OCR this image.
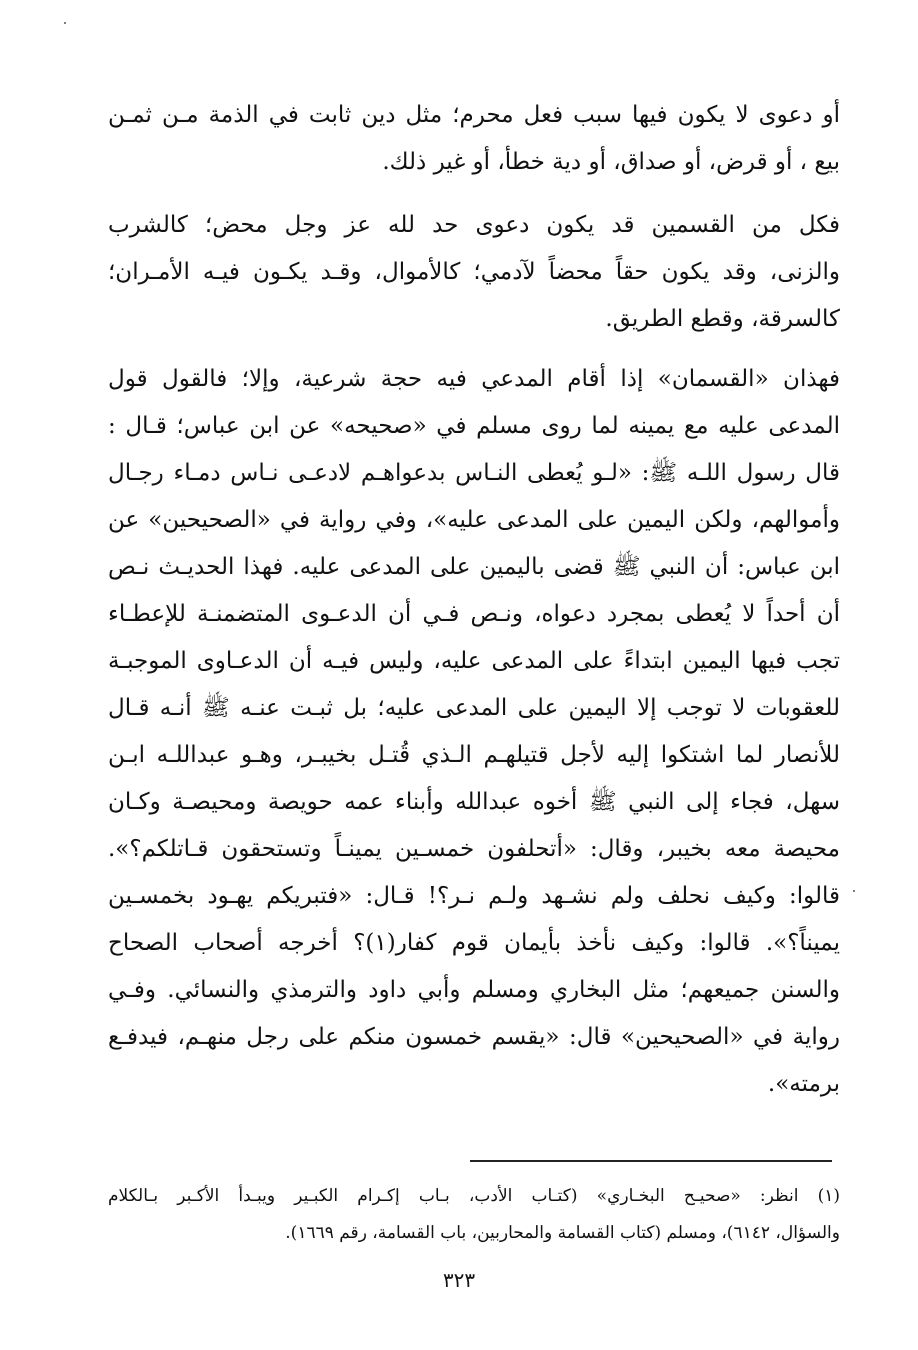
أو دعوى لا يكون فيها سبب فعل محرم؛ مثل دين ثابت في الذمة مـن ثمـن
بيع ، أو قرض، أو صداق، أو دية خطأ، أو غير ذلك.
فكل من القسمين قد يكون دعوى حد لله عز وجل محض؛ كالشرب
والزنى، وقد يكون حقاً محضاً لآدمي؛ كالأموال، وقـد يكـون فيـه الأمـران؛
كالسرقة، وقطع الطريق.
فهذان «القسمان» إذا أقام المدعي فيه حجة شرعية، وإلا؛ فالقول قول
المدعى عليه مع يمينه لما روى مسلم في «صحيحه» عن ابن عباس؛ قـال :
قال رسول اللـه ﷺ: «لـو يُعطى النـاس بدعواهـم لادعـى نـاس دمـاء رجـال
وأموالهم، ولكن اليمين على المدعى عليه»، وفي رواية في «الصحيحين» عن
ابن عباس: أن النبي ﷺ قضى باليمين على المدعى عليه. فهذا الحديـث نـص
أن أحداً لا يُعطى بمجرد دعواه، ونـص فـي أن الدعـوى المتضمنـة للإعطـاء
تجب فيها اليمين ابتداءً على المدعى عليه، وليس فيـه أن الدعـاوى الموجبـة
للعقوبات لا توجب إلا اليمين على المدعى عليه؛ بل ثبـت عنـه ﷺ أنـه قـال
للأنصار لما اشتكوا إليه لأجل قتيلهـم الـذي قُتـل بخيبـر، وهـو عبداللـه ابـن
سهل، فجاء إلى النبي ﷺ أخوه عبدالله وأبناء عمه حويصة ومحيصـة وكـان
محيصة معه بخيبر، وقال: «أتحلفون خمسـين يمينـاً وتستحقون قـاتلكم؟».
قالوا: وكيف نحلف ولم نشـهد ولـم نـر؟! قـال: «فتبريكم يهـود بخمسـين
يميناً؟». قالوا: وكيف نأخذ بأيمان قوم كفار(١)؟ أخرجه أصحاب الصحاح
والسنن جميعهم؛ مثل البخاري ومسلم وأبي داود والترمذي والنسائي. وفـي
رواية في «الصحيحين» قال: «يقسم خمسون منكم على رجل منهـم، فيدفـع
برمته».
(١) انظر: «صحيـح البخـاري» (كتـاب الأدب، بـاب إكـرام الكبـير ويبـدأ الأكـبر بـالكلام
والسؤال، ٦١٤٢)، ومسلم (كتاب القسامة والمحاربين، باب القسامة، رقم ١٦٦٩).
٣٢٣
